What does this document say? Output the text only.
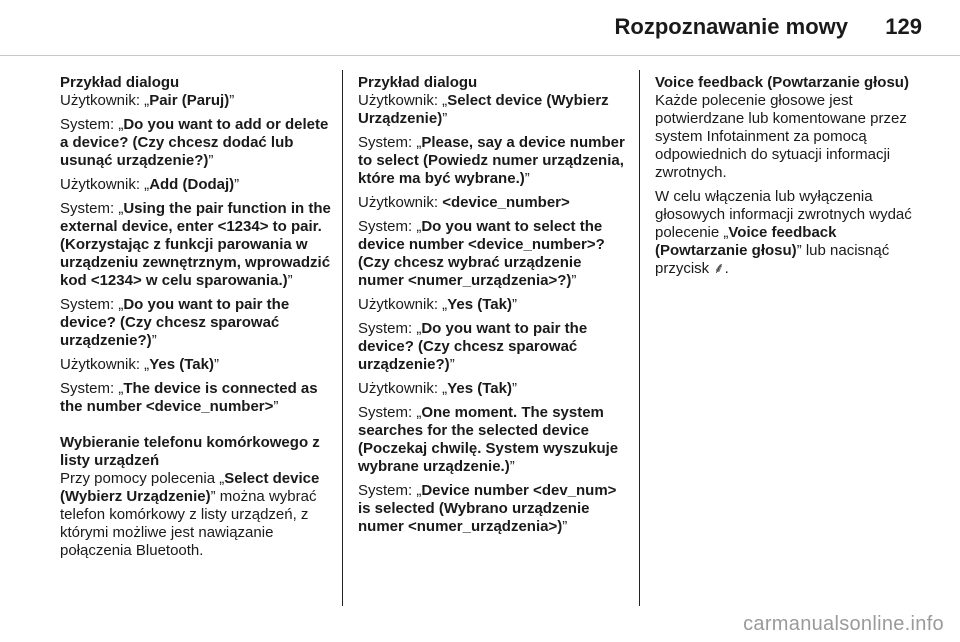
Rozpoznawanie mowy 129

Przykład dialogu

Użytkownik: „Pair (Paruj)”

System: „Do you want to add or delete a device? (Czy chcesz dodać lub usunąć urządzenie?)”

Użytkownik: „Add (Dodaj)”

System: „Using the pair function in the external device, enter <1234> to pair. (Korzystając z funkcji parowania w urządzeniu zewnętrznym, wprowadzić kod <1234> w celu sparowania.)”

System: „Do you want to pair the device? (Czy chcesz sparować urządzenie?)”

Użytkownik: „Yes (Tak)”

System: „The device is connected as the number <device_number>”

Wybieranie telefonu komórkowego z listy urządzeń

Przy pomocy polecenia „Select device (Wybierz Urządzenie)” można wybrać telefon komórkowy z listy urządzeń, z którymi możliwe jest nawiązanie połączenia Bluetooth.

Przykład dialogu

Użytkownik: „Select device (Wybierz Urządzenie)”

System: „Please, say a device number to select (Powiedz numer urządzenia, które ma być wybrane.)”

Użytkownik: <device_number>

System: „Do you want to select the device number <device_number>? (Czy chcesz wybrać urządzenie numer <numer_urządzenia>?)”

Użytkownik: „Yes (Tak)”

System: „Do you want to pair the device? (Czy chcesz sparować urządzenie?)”

Użytkownik: „Yes (Tak)”

System: „One moment. The system searches for the selected device (Poczekaj chwilę. System wyszukuje wybrane urządzenie.)”

System: „Device number <dev_num> is selected (Wybrano urządzenie numer <numer_urządzenia>)”

Voice feedback (Powtarzanie głosu)

Każde polecenie głosowe jest potwierdzane lub komentowane przez system Infotainment za pomocą odpowiednich do sytuacji informacji zwrotnych.

W celu włączenia lub wyłączenia głosowych informacji zwrotnych wydać polecenie „Voice feedback (Powtarzanie głosu)” lub nacisnąć przycisk ⸙.

carmanualsonline.info
